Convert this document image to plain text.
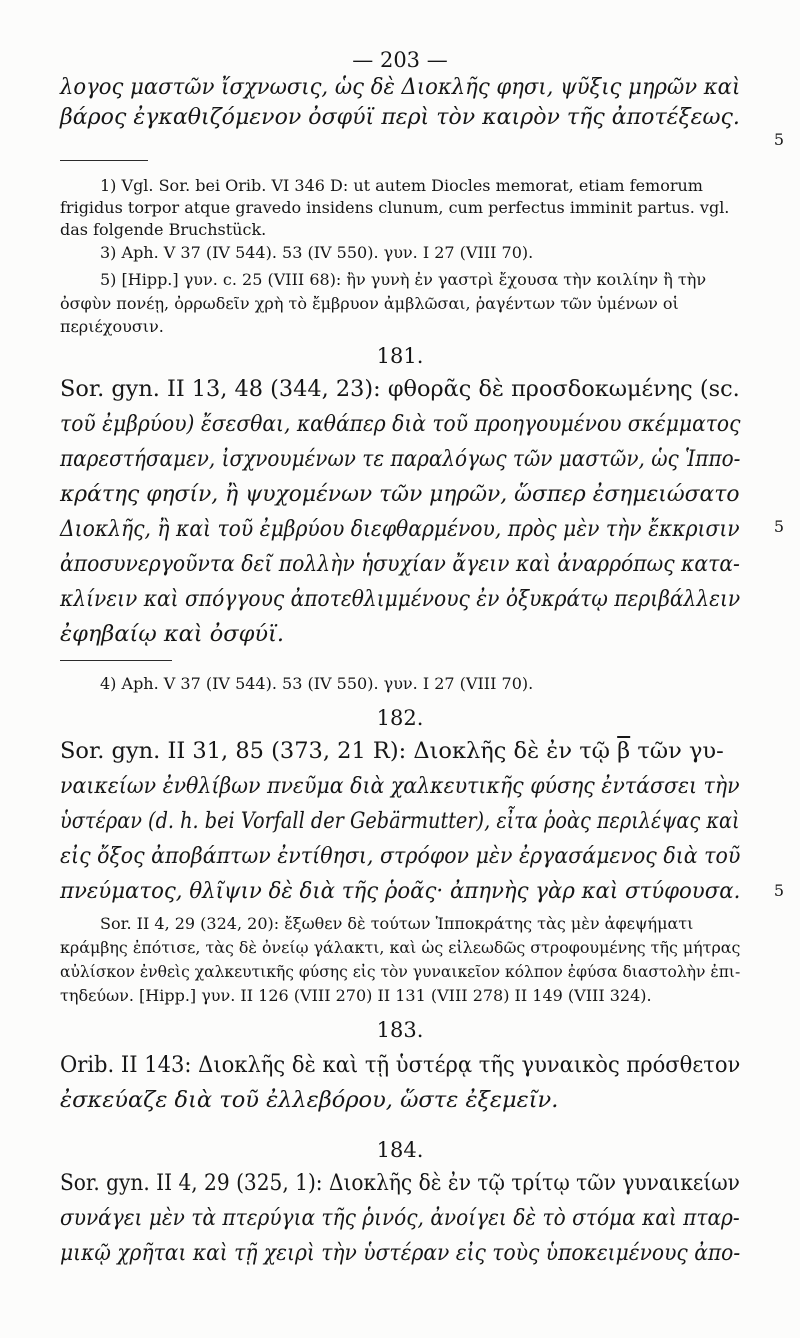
— 203 —
λογος μαστῶν ἴσχνωσις, ὡς δὲ Διοκλῆς φησι, ψῦξις μηρῶν καὶ
βάρος ἐγκαθιζόμενον ὀσφύϊ περὶ τὸν καιρὸν τῆς ἀποτέξεως.
5
1) Vgl. Sor. bei Orib. VI 346 D: ut autem Diocles memorat, etiam femorum
frigidus torpor atque gravedo insidens clunum, cum perfectus imminit partus. vgl.
das folgende Bruchstück.
3) Aph. V 37 (IV 544). 53 (IV 550). γυν. I 27 (VIII 70).
5) [Hipp.] γυν. c. 25 (VIII 68): ἢν γυνὴ ἐν γαστρὶ ἔχουσα τὴν κοιλίην ἢ τὴν
ὀσφὺν πονέῃ, ὀρρωδεῖν χρὴ τὸ ἔμβρυον ἀμβλῶσαι, ῥαγέντων τῶν ὑμένων οἱ
περιέχουσιν.
181.
Sor. gyn. II 13, 48 (344, 23): φθορᾶς δὲ προσδοκωμένης (sc.
τοῦ ἐμβρύου) ἔσεσθαι, καθάπερ διὰ τοῦ προηγουμένου σκέμματος
παρεστήσαμεν, ἰσχνουμένων τε παραλόγως τῶν μαστῶν, ὡς Ἱππο-
κράτης φησίν, ἢ ψυχομένων τῶν μηρῶν, ὥσπερ ἐσημειώσατο
Διοκλῆς, ἢ καὶ τοῦ ἐμβρύου διεφθαρμένου, πρὸς μὲν τὴν ἔκκρισιν 5
ἀποσυνεργοῦντα δεῖ πολλὴν ἡσυχίαν ἄγειν καὶ ἀναρρόπως κατα-
κλίνειν καὶ σπόγγους ἀποτεθλιμμένους ἐν ὀξυκράτῳ περιβάλλειν
ἐφηβαίῳ καὶ ὀσφύϊ.
4) Aph. V 37 (IV 544). 53 (IV 550). γυν. I 27 (VIII 70).
182.
Sor. gyn. II 31, 85 (373, 21 R): Διοκλῆς δὲ ἐν τῷ $\overline{\beta}$ τῶν γυ-
ναικείων ἐνθλίβων πνεῦμα διὰ χαλκευτικῆς φύσης ἐντάσσει τὴν
ὑστέραν (d. h. bei Vorfall der Gebärmutter), εἶτα ῥοὰς περιλέψας καὶ
εἰς ὄξος ἀποβάπτων ἐντίθησι, στρόφον μὲν ἐργασάμενος διὰ τοῦ
πνεύματος, θλῖψιν δὲ διὰ τῆς ῥοᾶς· ἀπηνὴς γὰρ καὶ στύφουσα. 5
Sor. II 4, 29 (324, 20): ἔξωθεν δὲ τούτων Ἱπποκράτης τὰς μὲν ἀφεψήματι
κράμβης ἐπότισε, τὰς δὲ ὀνείῳ γάλακτι, καὶ ὡς εἰλεωδῶς στροφουμένης τῆς μήτρας
αὐλίσκον ἐνθεὶς χαλκευτικῆς φύσης εἰς τὸν γυναικεῖον κόλπον ἐφύσα διαστολὴν ἐπι-
τηδεύων. [Hipp.] γυν. II 126 (VIII 270) II 131 (VIII 278) II 149 (VIII 324).
183.
Orib. II 143: Διοκλῆς δὲ καὶ τῇ ὑστέρᾳ τῆς γυναικὸς πρόσθετον
ἐσκεύαζε διὰ τοῦ ἐλλεβόρου, ὥστε ἐξεμεῖν.
184.
Sor. gyn. II 4, 29 (325, 1): Διοκλῆς δὲ ἐν τῷ τρίτῳ τῶν γυναικείων
συνάγει μὲν τὰ πτερύγια τῆς ῥινός, ἀνοίγει δὲ τὸ στόμα καὶ πταρ-
μικῷ χρῆται καὶ τῇ χειρὶ τὴν ὑστέραν εἰς τοὺς ὑποκειμένους ἀπο-
